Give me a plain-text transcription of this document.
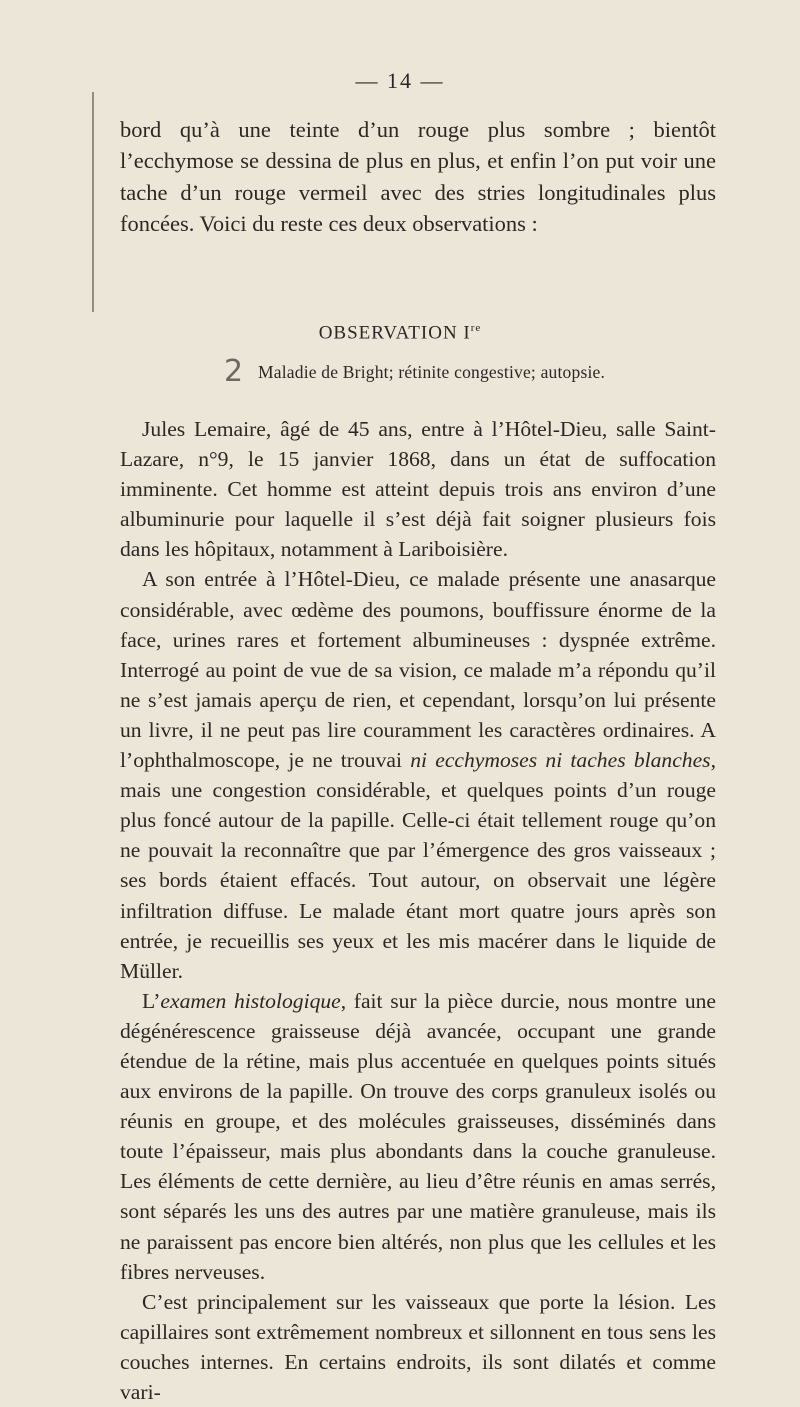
— 14 —

bord qu’à une teinte d’un rouge plus sombre ; bientôt l’ecchymose se dessina de plus en plus, et enfin l’on put voir une tache d’un rouge vermeil avec des stries longitudinales plus foncées. Voici du reste ces deux observations :

OBSERVATION Ire
2 Maladie de Bright; rétinite congestive; autopsie.

Jules Lemaire, âgé de 45 ans, entre à l’Hôtel-Dieu, salle Saint-Lazare, n°9, le 15 janvier 1868, dans un état de suffocation imminente. Cet homme est atteint depuis trois ans environ d’une albuminurie pour laquelle il s’est déjà fait soigner plusieurs fois dans les hôpitaux, notamment à Lariboisière.

A son entrée à l’Hôtel-Dieu, ce malade présente une anasarque considérable, avec œdème des poumons, bouffissure énorme de la face, urines rares et fortement albumineuses : dyspnée extrême. Interrogé au point de vue de sa vision, ce malade m’a répondu qu’il ne s’est jamais aperçu de rien, et cependant, lorsqu’on lui présente un livre, il ne peut pas lire couramment les caractères ordinaires. A l’ophthalmoscope, je ne trouvai ni ecchymoses ni taches blanches, mais une congestion considérable, et quelques points d’un rouge plus foncé autour de la papille. Celle-ci était tellement rouge qu’on ne pouvait la reconnaître que par l’émergence des gros vaisseaux ; ses bords étaient effacés. Tout autour, on observait une légère infiltration diffuse. Le malade étant mort quatre jours après son entrée, je recueillis ses yeux et les mis macérer dans le liquide de Müller.

L’examen histologique, fait sur la pièce durcie, nous montre une dégénérescence graisseuse déjà avancée, occupant une grande étendue de la rétine, mais plus accentuée en quelques points situés aux environs de la papille. On trouve des corps granuleux isolés ou réunis en groupe, et des molécules graisseuses, disséminés dans toute l’épaisseur, mais plus abondants dans la couche granuleuse. Les éléments de cette dernière, au lieu d’être réunis en amas serrés, sont séparés les uns des autres par une matière granuleuse, mais ils ne paraissent pas encore bien altérés, non plus que les cellules et les fibres nerveuses.

C’est principalement sur les vaisseaux que porte la lésion. Les capillaires sont extrêmement nombreux et sillonnent en tous sens les couches internes. En certains endroits, ils sont dilatés et comme vari-
